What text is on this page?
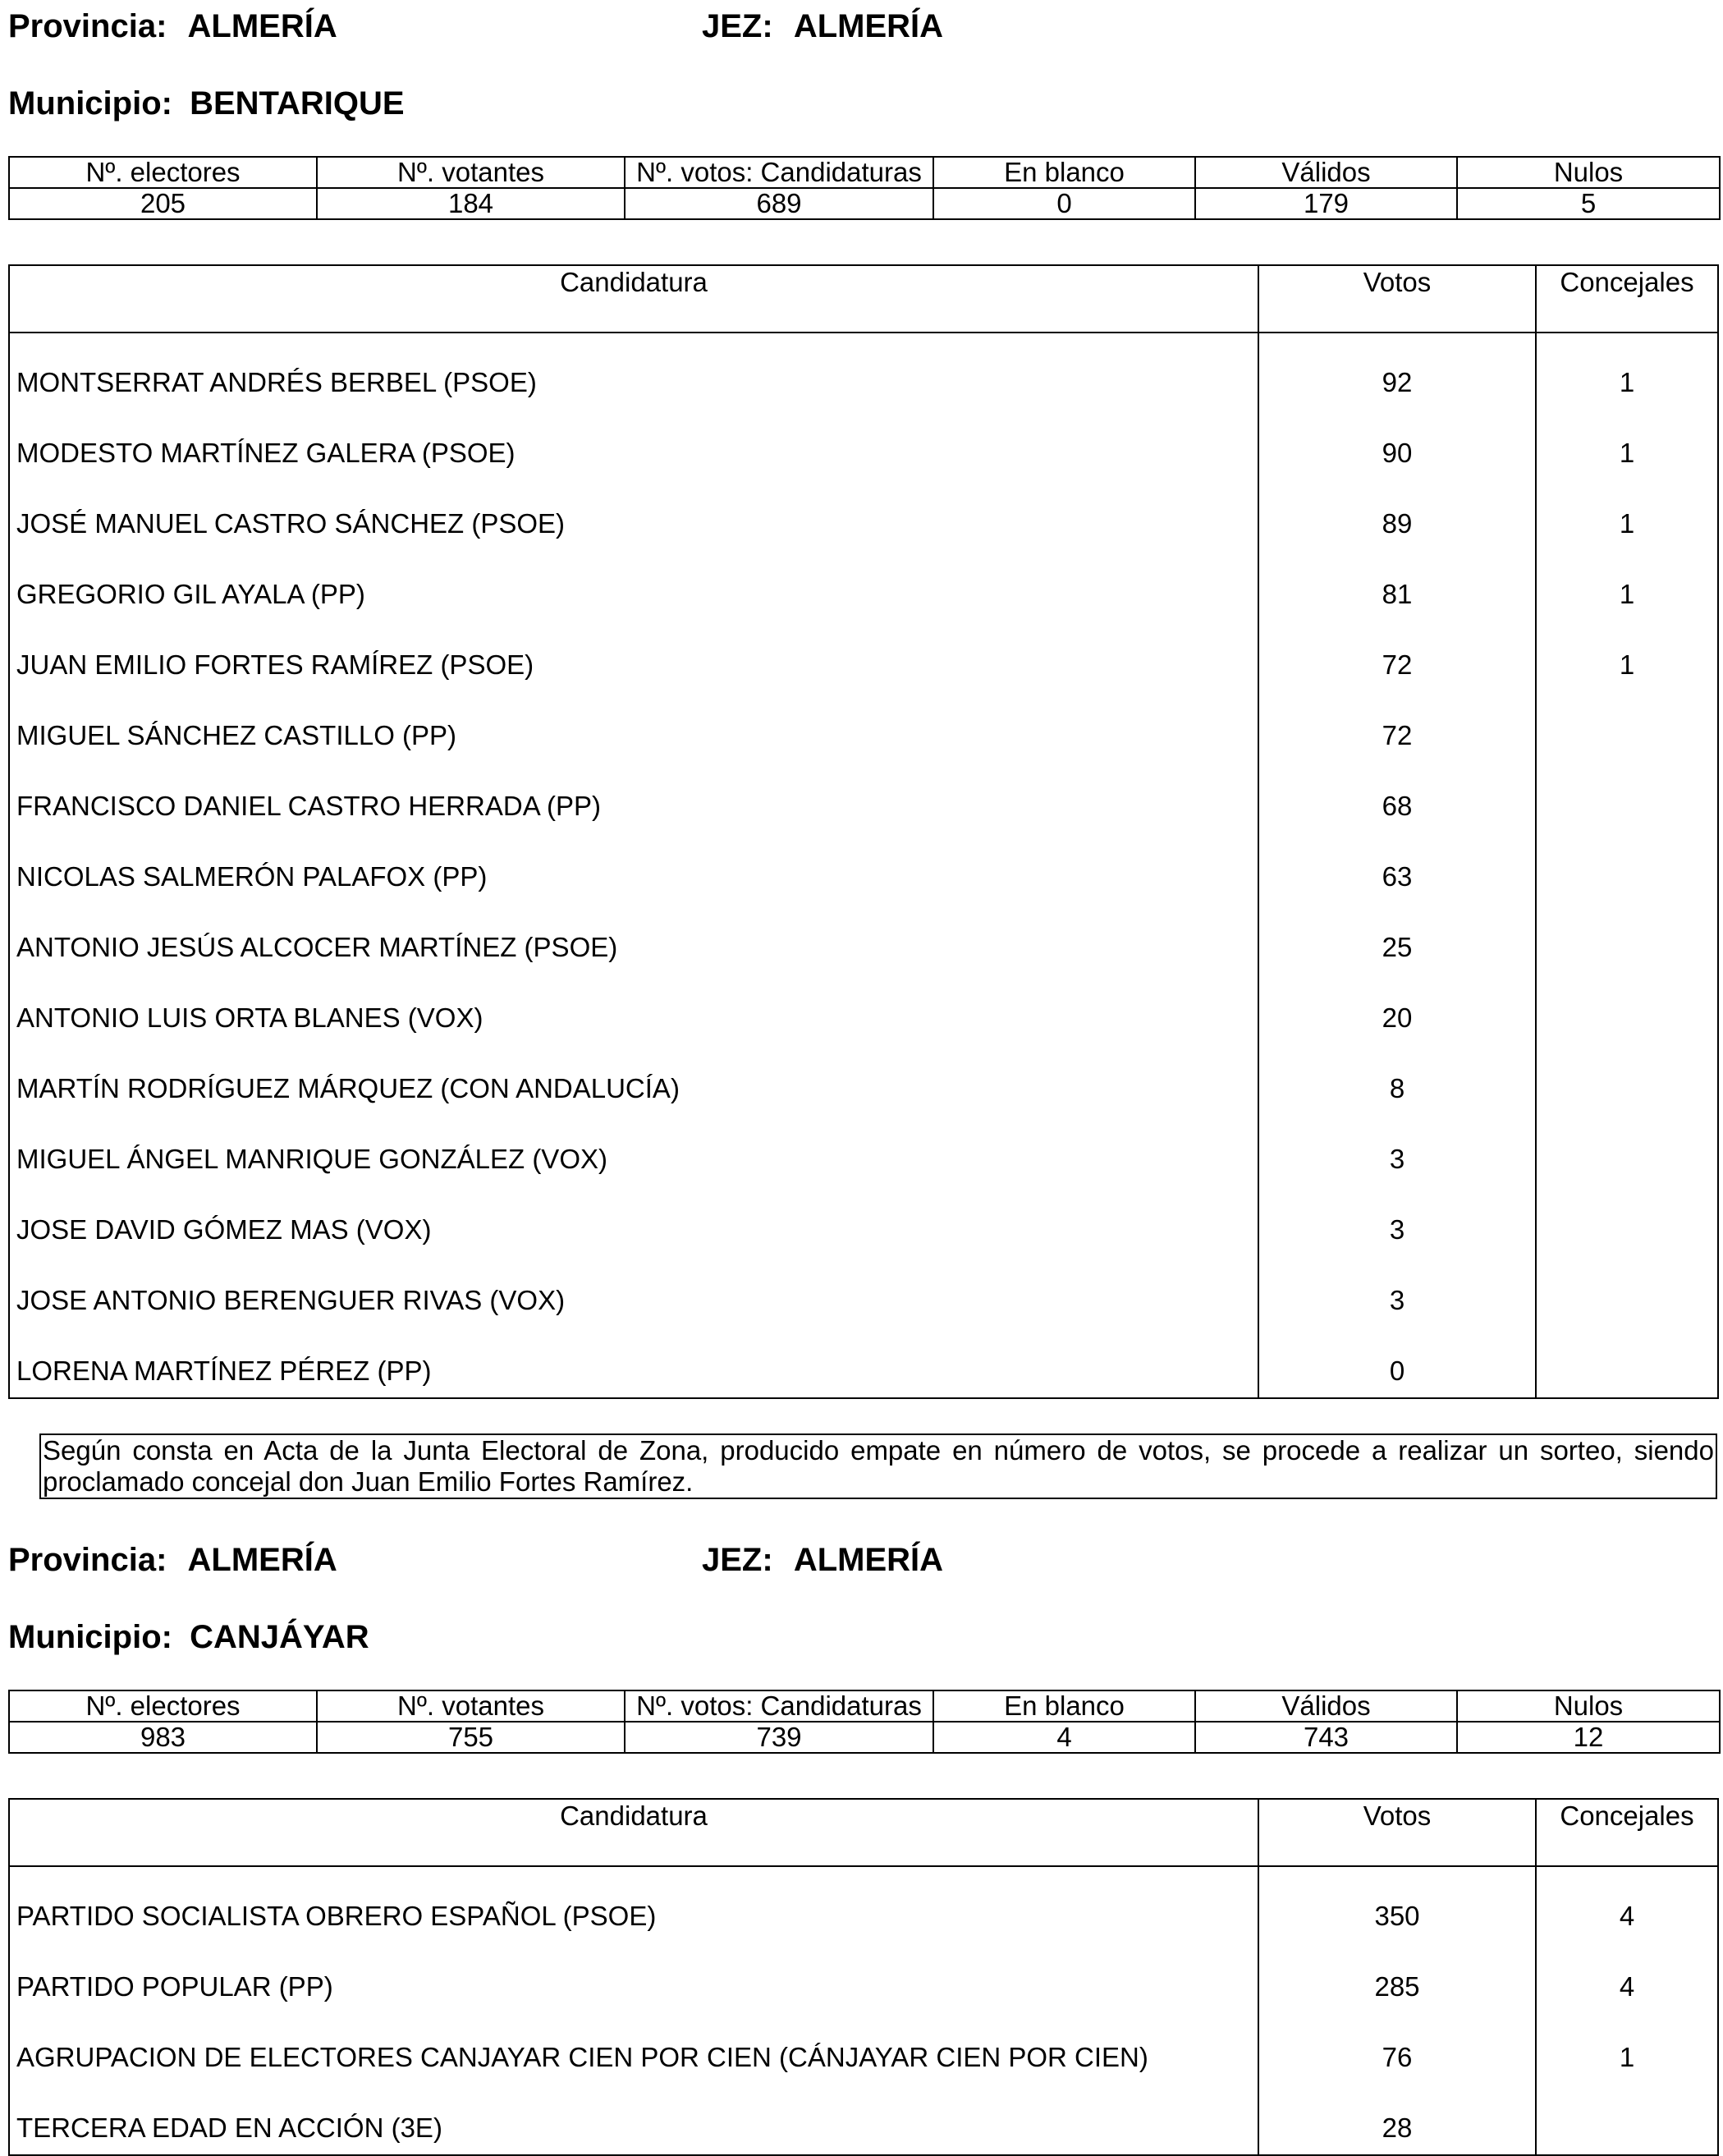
Provincia: ALMERÍA	JEZ: ALMERÍA
Municipio: BENTARIQUE
Nº. electores	Nº. votantes	Nº. votos: Candidaturas	En blanco	Válidos	Nulos
205	184	689	0	179	5
Candidatura	Votos	Concejales
MONTSERRAT ANDRÉS BERBEL (PSOE)	92	1
MODESTO MARTÍNEZ GALERA (PSOE)	90	1
JOSÉ MANUEL CASTRO SÁNCHEZ (PSOE)	89	1
GREGORIO GIL AYALA (PP)	81	1
JUAN EMILIO FORTES RAMÍREZ (PSOE)	72	1
MIGUEL SÁNCHEZ CASTILLO (PP)	72
FRANCISCO DANIEL CASTRO HERRADA (PP)	68
NICOLAS SALMERÓN PALAFOX (PP)	63
ANTONIO JESÚS ALCOCER MARTÍNEZ (PSOE)	25
ANTONIO LUIS ORTA BLANES (VOX)	20
MARTÍN RODRÍGUEZ MÁRQUEZ (CON ANDALUCÍA)	8
MIGUEL ÁNGEL MANRIQUE GONZÁLEZ (VOX)	3
JOSE DAVID GÓMEZ MAS (VOX)	3
JOSE ANTONIO BERENGUER RIVAS (VOX)	3
LORENA MARTÍNEZ PÉREZ (PP)	0
Según consta en Acta de la Junta Electoral de Zona, producido empate en número de votos, se procede a realizar un sorteo, siendo proclamado concejal don Juan Emilio Fortes Ramírez.
Provincia: ALMERÍA	JEZ: ALMERÍA
Municipio: CANJÁYAR
Nº. electores	Nº. votantes	Nº. votos: Candidaturas	En blanco	Válidos	Nulos
983	755	739	4	743	12
Candidatura	Votos	Concejales
PARTIDO SOCIALISTA OBRERO ESPAÑOL (PSOE)	350	4
PARTIDO POPULAR (PP)	285	4
AGRUPACION DE ELECTORES CANJAYAR CIEN POR CIEN (CÁNJAYAR CIEN POR CIEN)	76	1
TERCERA EDAD EN ACCIÓN (3E)	28
